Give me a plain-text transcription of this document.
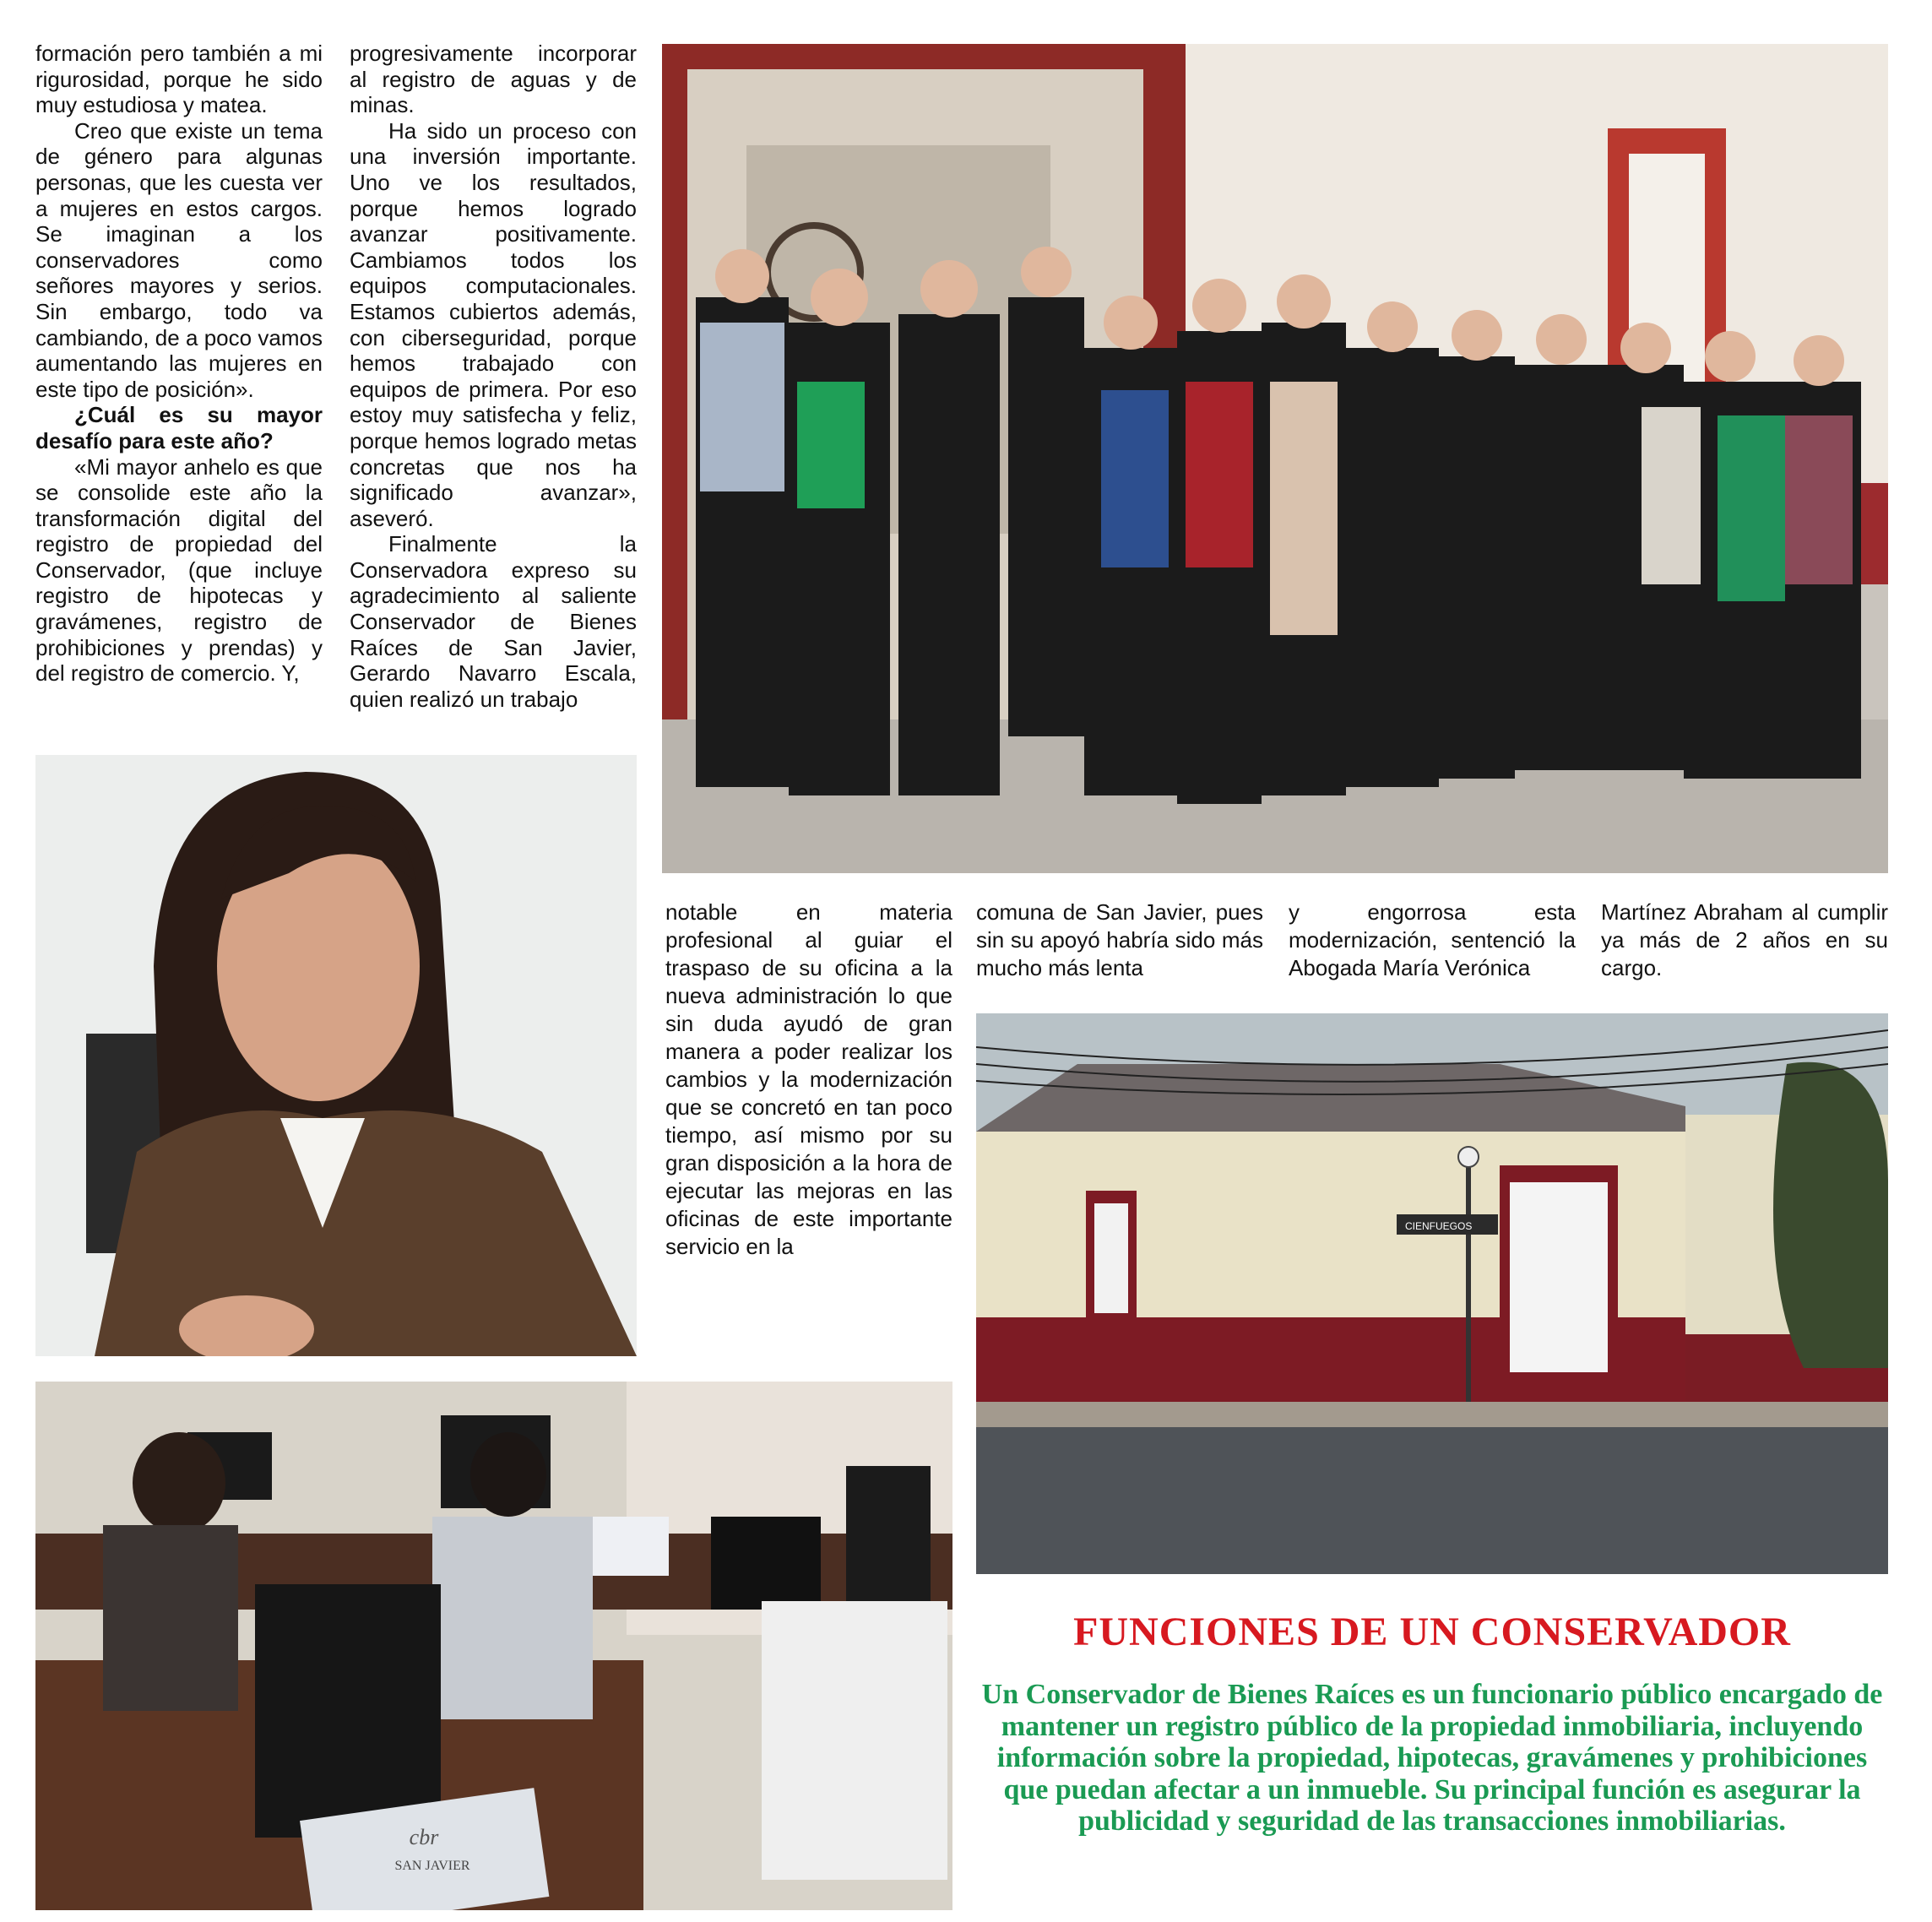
formación pero también a mi rigurosidad, porque he sido muy estudiosa y matea.

Creo que existe un tema de género para algunas personas, que les cuesta ver a mujeres en estos cargos. Se imaginan a los conservadores como señores mayores y serios. Sin embargo, todo va cambiando, de a poco vamos aumentando las mujeres en este tipo de posición».

¿Cuál es su mayor desafío para este año?

«Mi mayor anhelo es que se consolide este año la transformación digital del registro de propiedad del Conservador, (que incluye registro de hipotecas y gravámenes, registro de prohibiciones y prendas) y del registro de comercio. Y,

progresivamente incorporar al registro de aguas y de minas.

Ha sido un proceso con una inversión importante. Uno ve los resultados, porque hemos logrado avanzar positivamente. Cambiamos todos los equipos computacionales. Estamos cubiertos además, con ciberseguridad, porque hemos trabajado con equipos de primera. Por eso estoy muy satisfecha y feliz, porque hemos logrado metas concretas que nos ha significado avanzar», aseveró.

Finalmente la Conservadora expreso su agradecimiento al saliente Conservador de Bienes Raíces de San Javier, Gerardo Navarro Escala, quien realizó un trabajo

notable en materia profesional al guiar el traspaso de su oficina a la nueva administración lo que sin duda ayudó de gran manera a poder realizar los cambios y la modernización que se concretó en tan poco tiempo, así mismo por su gran disposición a la hora de ejecutar las mejoras en las oficinas de este importante servicio en la

comuna de San Javier, pues sin su apoyó habría sido más mucho más lenta

y engorrosa esta modernización, sentenció la Abogada María Verónica

Martínez Abraham al cumplir ya más de 2 años en su cargo.

cbr
SAN JAVIER
CIENFUEGOS
FUNCIONES DE UN CONSERVADOR
Un Conservador de Bienes Raíces es un funcionario público encargado de mantener un registro público de la propiedad inmobiliaria, incluyendo información sobre la propiedad, hipotecas, gravámenes y prohibiciones que puedan afectar a un inmueble. Su principal función es asegurar la publicidad y seguridad de las transacciones inmobiliarias.
